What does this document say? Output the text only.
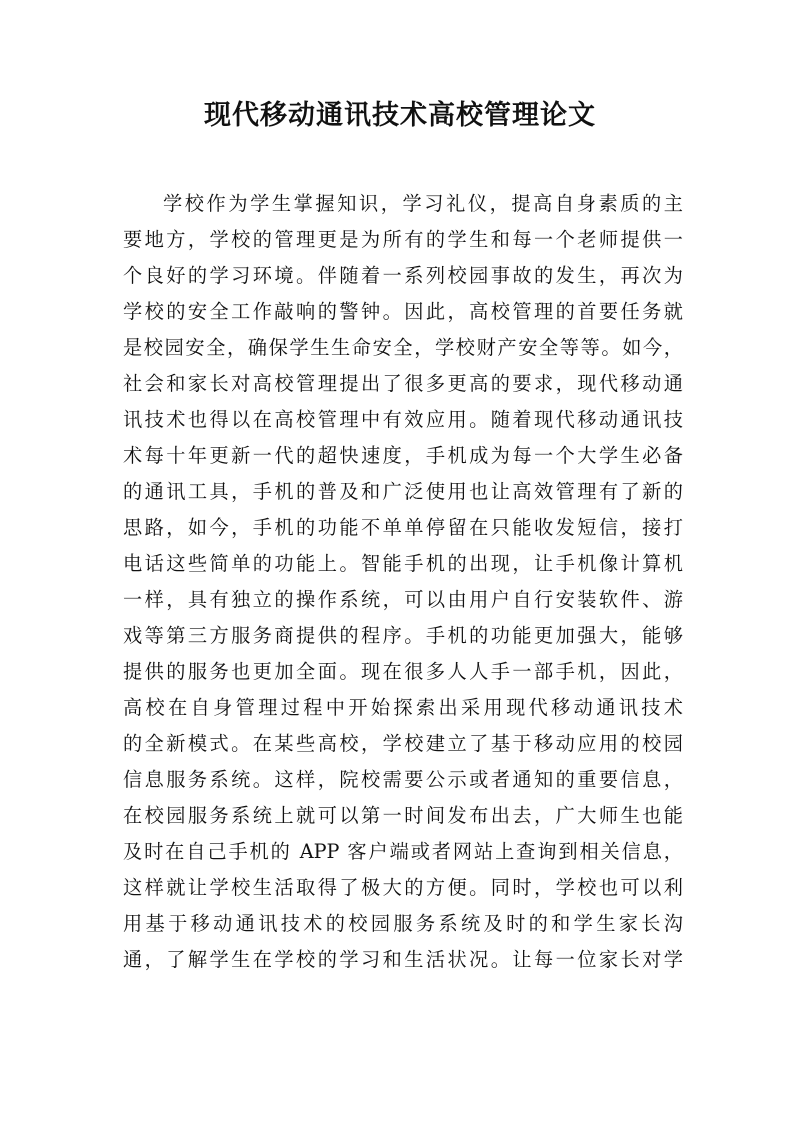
现代移动通讯技术高校管理论文
学校作为学生掌握知识，学习礼仪，提高自身素质的主
要地方，学校的管理更是为所有的学生和每一个老师提供一
个良好的学习环境。伴随着一系列校园事故的发生，再次为
学校的安全工作敲响的警钟。因此，高校管理的首要任务就
是校园安全，确保学生生命安全，学校财产安全等等。如今，
社会和家长对高校管理提出了很多更高的要求，现代移动通
讯技术也得以在高校管理中有效应用。随着现代移动通讯技
术每十年更新一代的超快速度，手机成为每一个大学生必备
的通讯工具，手机的普及和广泛使用也让高效管理有了新的
思路，如今，手机的功能不单单停留在只能收发短信，接打
电话这些简单的功能上。智能手机的出现，让手机像计算机
一样，具有独立的操作系统，可以由用户自行安装软件、游
戏等第三方服务商提供的程序。手机的功能更加强大，能够
提供的服务也更加全面。现在很多人人手一部手机，因此，
高校在自身管理过程中开始探索出采用现代移动通讯技术
的全新模式。在某些高校，学校建立了基于移动应用的校园
信息服务系统。这样，院校需要公示或者通知的重要信息，
在校园服务系统上就可以第一时间发布出去，广大师生也能
及时在自己手机的 APP 客户端或者网站上查询到相关信息，
这样就让学校生活取得了极大的方便。同时，学校也可以利
用基于移动通讯技术的校园服务系统及时的和学生家长沟
通，了解学生在学校的学习和生活状况。让每一位家长对学
